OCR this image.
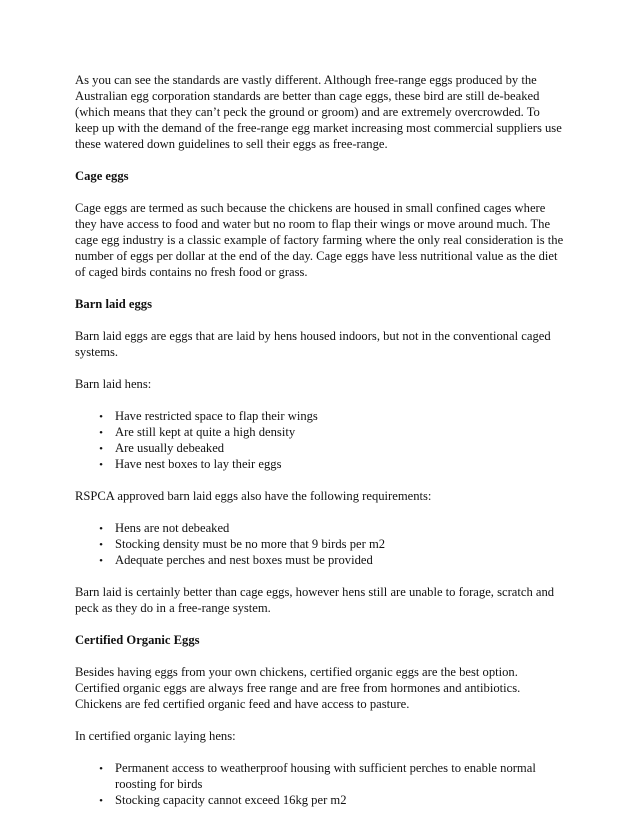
As you can see the standards are vastly different. Although free-range eggs produced by the Australian egg corporation standards are better than cage eggs, these bird are still de-beaked (which means that they can’t peck the ground or groom) and are extremely overcrowded. To keep up with the demand of the free-range egg market increasing most commercial suppliers use these watered down guidelines to sell their eggs as free-range.

Cage eggs

Cage eggs are termed as such because the chickens are housed in small confined cages where they have access to food and water but no room to flap their wings or move around much. The cage egg industry is a classic example of factory farming where the only real consideration is the number of eggs per dollar at the end of the day. Cage eggs have less nutritional value as the diet of caged birds contains no fresh food or grass.

Barn laid eggs

Barn laid eggs are eggs that are laid by hens housed indoors, but not in the conventional caged systems.

Barn laid hens:

•
Have restricted space to flap their wings
•
Are still kept at quite a high density
•
Are usually debeaked
•
Have nest boxes to lay their eggs

RSPCA approved barn laid eggs also have the following requirements:

•
Hens are not debeaked
•
Stocking density must be no more that 9 birds per m2
•
Adequate perches and nest boxes must be provided

Barn laid is certainly better than cage eggs, however hens still are unable to forage, scratch and peck as they do in a free-range system.

Certified Organic Eggs

Besides having eggs from your own chickens, certified organic eggs are the best option. Certified organic eggs are always free range and are free from hormones and antibiotics. Chickens are fed certified organic feed and have access to pasture.

In certified organic laying hens:

•
Permanent access to weatherproof housing with sufficient perches to enable normal roosting for birds
•
Stocking capacity cannot exceed 16kg per m2
